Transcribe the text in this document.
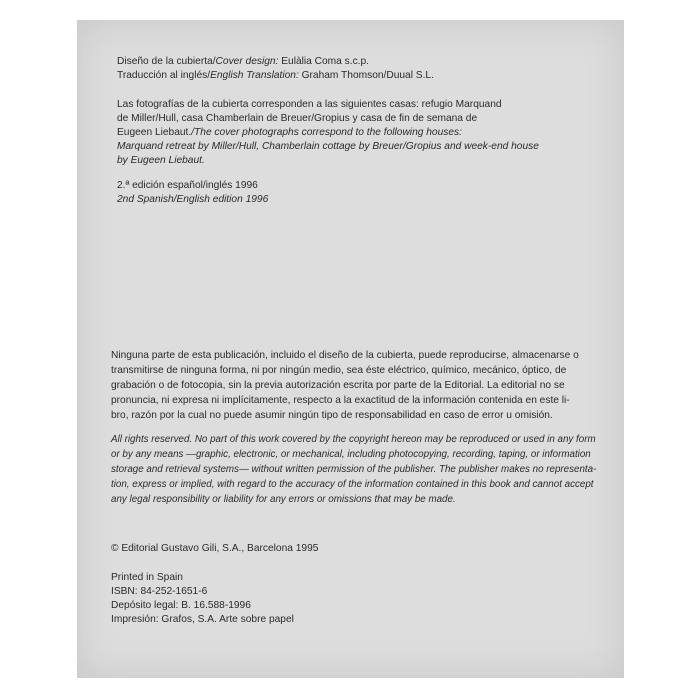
Diseño de la cubierta/Cover design: Eulàlia Coma s.c.p.
Traducción al inglés/English Translation: Graham Thomson/Duual S.L.
Las fotografías de la cubierta corresponden a las siguientes casas: refugio Marquand
de Miller/Hull, casa Chamberlain de Breuer/Gropius y casa de fin de semana de
Eugeen Liebaut./The cover photographs correspond to the following houses:
Marquand retreat by Miller/Hull, Chamberlain cottage by Breuer/Gropius and week-end house
by Eugeen Liebaut.
2.ª edición español/inglés 1996
2nd Spanish/English edition 1996
Ninguna parte de esta publicación, incluido el diseño de la cubierta, puede reproducirse, almacenarse o
transmitirse de ninguna forma, ni por ningún medio, sea éste eléctrico, químico, mecánico, óptico, de
grabación o de fotocopia, sin la previa autorización escrita por parte de la Editorial. La editorial no se
pronuncia, ni expresa ni implícitamente, respecto a la exactitud de la información contenida en este li-
bro, razón por la cual no puede asumir ningún tipo de responsabilidad en caso de error u omisión.
All rights reserved. No part of this work covered by the copyright hereon may be reproduced or used in any form
or by any means —graphic, electronic, or mechanical, including photocopying, recording, taping, or information
storage and retrieval systems— without written permission of the publisher. The publisher makes no representa-
tion, express or implied, with regard to the accuracy of the information contained in this book and cannot accept
any legal responsibility or liability for any errors or omissions that may be made.
© Editorial Gustavo Gili, S.A., Barcelona 1995
Printed in Spain
ISBN: 84-252-1651-6
Depósito legal: B. 16.588-1996
Impresión: Grafos, S.A. Arte sobre papel
